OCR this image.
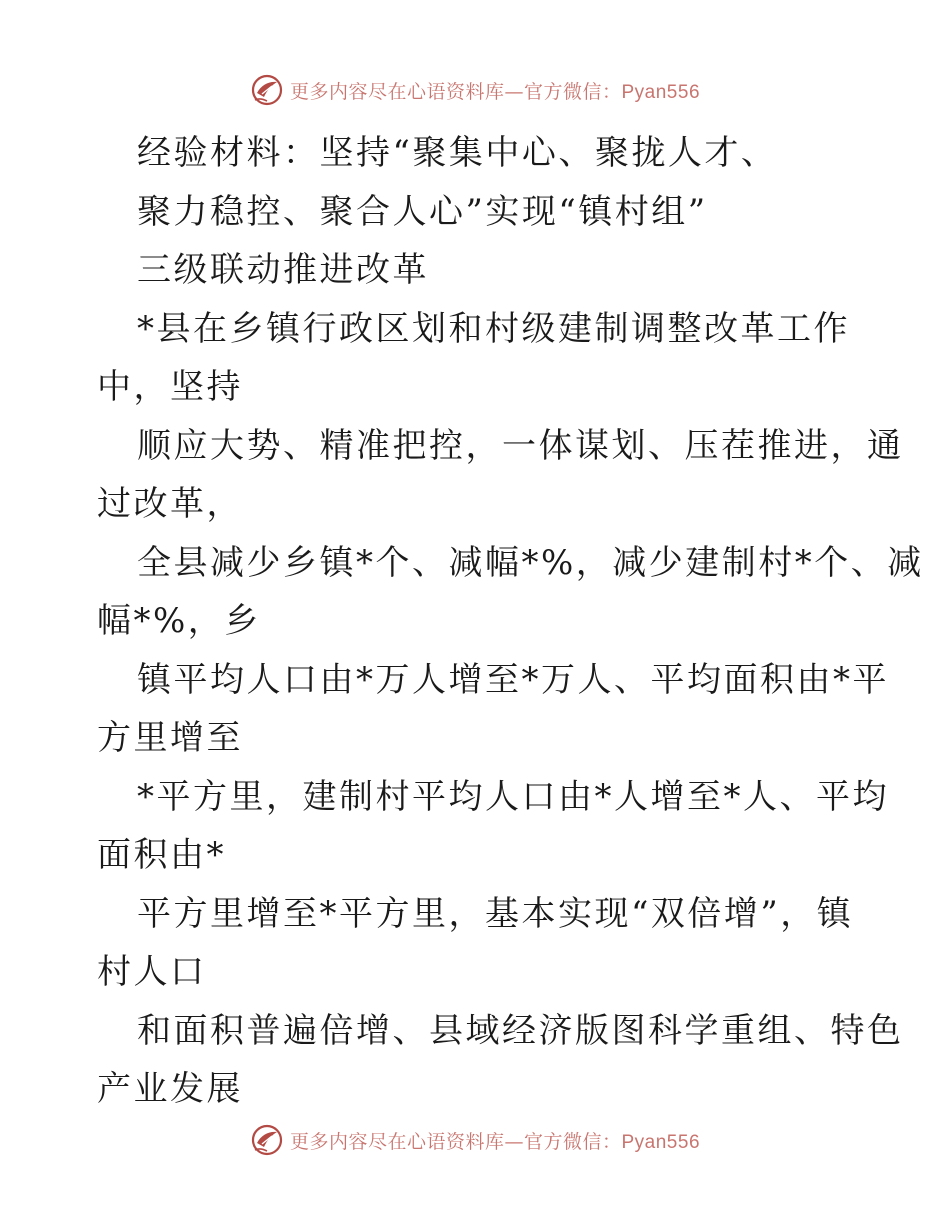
更多内容尽在心语资料库—官方微信：Pyan556
经验材料：坚持“聚集中心、聚拢人才、
聚力稳控、聚合人心”实现“镇村组”
三级联动推进改革
*县在乡镇行政区划和村级建制调整改革工作
中，坚持
顺应大势、精准把控，一体谋划、压茬推进，通
过改革，
全县减少乡镇*个、减幅*%，减少建制村*个、减
幅*%，乡
镇平均人口由*万人增至*万人、平均面积由*平
方里增至
*平方里，建制村平均人口由*人增至*人、平均
面积由*
平方里增至*平方里，基本实现“双倍增”，镇
村人口
和面积普遍倍增、县域经济版图科学重组、特色
产业发展
更多内容尽在心语资料库—官方微信：Pyan556
